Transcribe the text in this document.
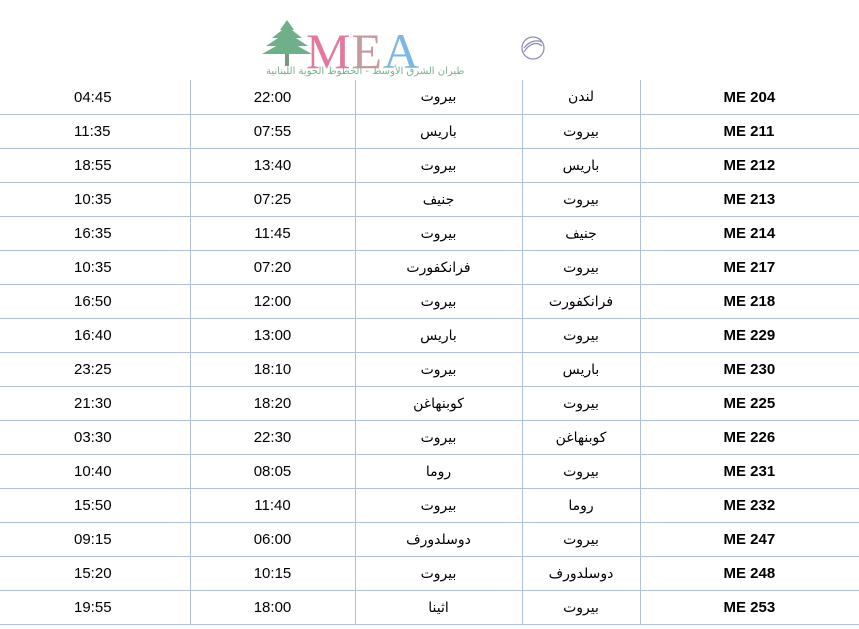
MEA
طيران الشرق الأوسط - الخطوط الجوية اللبنانية
04:45	22:00	بيروت	لندن	ME 204
11:35	07:55	باريس	بيروت	ME 211
18:55	13:40	بيروت	باريس	ME 212
10:35	07:25	جنيف	بيروت	ME 213
16:35	11:45	بيروت	جنيف	ME 214
10:35	07:20	فرانكفورت	بيروت	ME 217
16:50	12:00	بيروت	فرانكفورت	ME 218
16:40	13:00	باريس	بيروت	ME 229
23:25	18:10	بيروت	باريس	ME 230
21:30	18:20	كوبنهاغن	بيروت	ME 225
03:30	22:30	بيروت	كوبنهاغن	ME 226
10:40	08:05	روما	بيروت	ME 231
15:50	11:40	بيروت	روما	ME 232
09:15	06:00	دوسلدورف	بيروت	ME 247
15:20	10:15	بيروت	دوسلدورف	ME 248
19:55	18:00	اثينا	بيروت	ME 253
